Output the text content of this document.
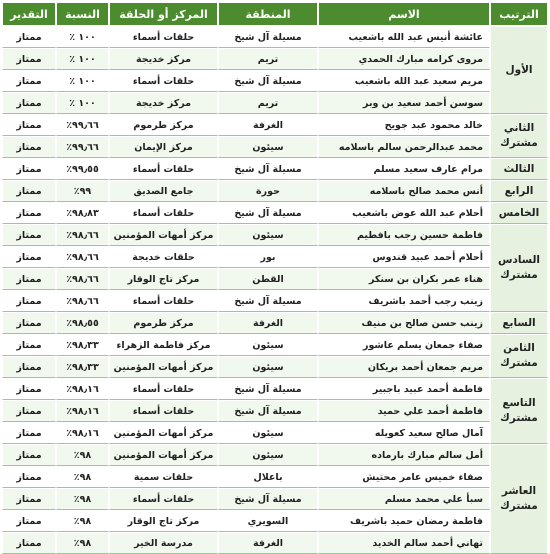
الترتيب	الاسم	المنطقة	المركز أو الحلقة	النسبة	التقدير
الأول	عائشة أنيس عبد الله باشعيب	مسيلة آل شيخ	حلقات أسماء	١٠٠ ٪	ممتاز
	مروى كرامه مبارك الحمدي	تريم	مركز خديجة	١٠٠ ٪	ممتاز
	مريم سعيد عبد الله باشعيب	مسيلة آل شيخ	حلقات أسماء	١٠٠ ٪	ممتاز
	سوسن أحمد سعيد بن وبر	تريم	مركز خديجة	١٠٠ ٪	ممتاز
الثاني مشترك	خالد محمود عبد جويح	الغرفة	مركز طرموم	٩٩٫٦٦٪	ممتاز
	محمد عبدالرحمن سالم باسلامه	سيئون	مركز الإيمان	٩٩٫٦٦٪	ممتاز
الثالث	مرام عارف سعيد مسلم	مسيلة آل شيخ	حلقات أسماء	٩٩٫٥٥٪	ممتاز
الرابع	أنس محمد صالح باسلامه	حورة	جامع الصديق	٩٩٪	ممتاز
الخامس	أحلام عبد الله عوض باشعيب	مسيلة آل شيخ	حلقات أسماء	٩٨٫٨٣٪	ممتاز
السادس مشترك	فاطمة حسين رجب بافطيم	سيئون	مركز أمهات المؤمنين	٩٨٫٦٦٪	ممتاز
	أحلام أحمد عبيد قندوس	بور	حلقات خديجة	٩٨٫٦٦٪	ممتاز
	هناء عمر بكران بن سنكر	القطن	مركز تاج الوقار	٩٨٫٦٦٪	ممتاز
	زينب رجب أحمد باشريف	مسيلة آل شيخ	حلقات أسماء	٩٨٫٦٦٪	ممتاز
السابع	زينب حسن صالح بن منيف	الغرفة	مركز طرموم	٩٨٫٥٥٪	ممتاز
الثامن مشترك	صفاء جمعان يسلم عاشور	سيئون	مركز فاطمة الزهراء	٩٨٫٣٣٪	ممتاز
	مريم جمعان أحمد بريكان	سيئون	مركز أمهات المؤمنين	٩٨٫٣٣٪	ممتاز
التاسع مشترك	فاطمة أحمد عبيد باجبير	مسيلة آل شيخ	حلقات أسماء	٩٨٫١٦٪	ممتاز
	فاطمة أحمد علي حميد	مسيلة آل شيخ	حلقات أسماء	٩٨٫١٦٪	ممتاز
	آمال صالح سعيد كعويله	سيئون	مركز أمهات المؤمنين	٩٨٫١٦٪	ممتاز
العاشر مشترك	أمل سالم مبارك بارماده	سيئون	مركز أمهات المؤمنين	٩٨٪	ممتاز
	صفاء خميس عامر محتيش	باعلال	حلقات سمية	٩٨٪	ممتاز
	سبأ علي محمد مسلم	مسيلة آل شيخ	حلقات أسماء	٩٨٪	ممتاز
	فاطمة رمضان حميد باشريف	السويري	مركز تاج الوقار	٩٨٪	ممتاز
	تهاني أحمد سالم الخديد	الغرفة	مدرسة الخير	٩٨٪	ممتاز
